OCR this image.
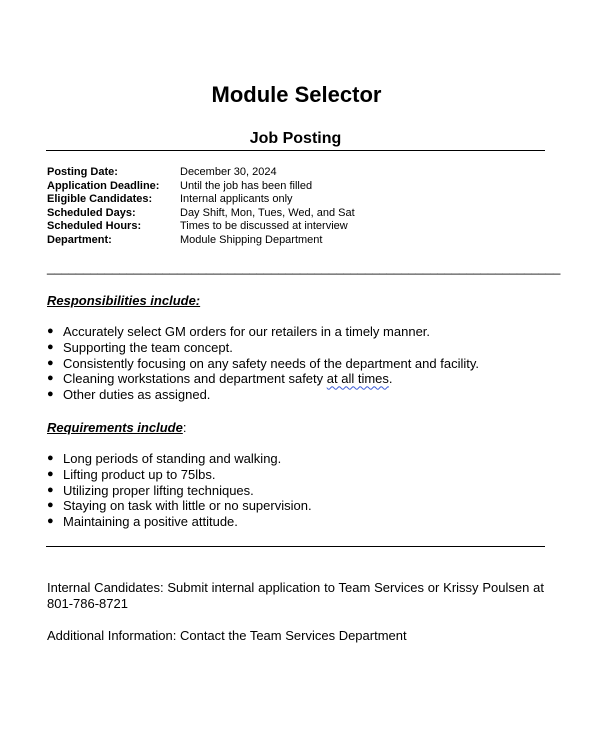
Module Selector
Job Posting
Posting Date:	December 30, 2024
Application Deadline: Until the job has been filled
Eligible Candidates:	Internal applicants only
Scheduled Days:	Day Shift, Mon, Tues, Wed, and Sat
Scheduled Hours:	Times to be discussed at interview
Department:	Module Shipping Department
_______________________________________________________________________
Responsibilities include:
● Accurately select GM orders for our retailers in a timely manner.
● Supporting the team concept.
● Consistently focusing on any safety needs of the department and facility.
● Cleaning workstations and department safety at all times.
● Other duties as assigned.
Requirements include:
● Long periods of standing and walking.
● Lifting product up to 75lbs.
● Utilizing proper lifting techniques.
● Staying on task with little or no supervision.
● Maintaining a positive attitude.
Internal Candidates: Submit internal application to Team Services or Krissy Poulsen at 801-786-8721
Additional Information: Contact the Team Services Department
